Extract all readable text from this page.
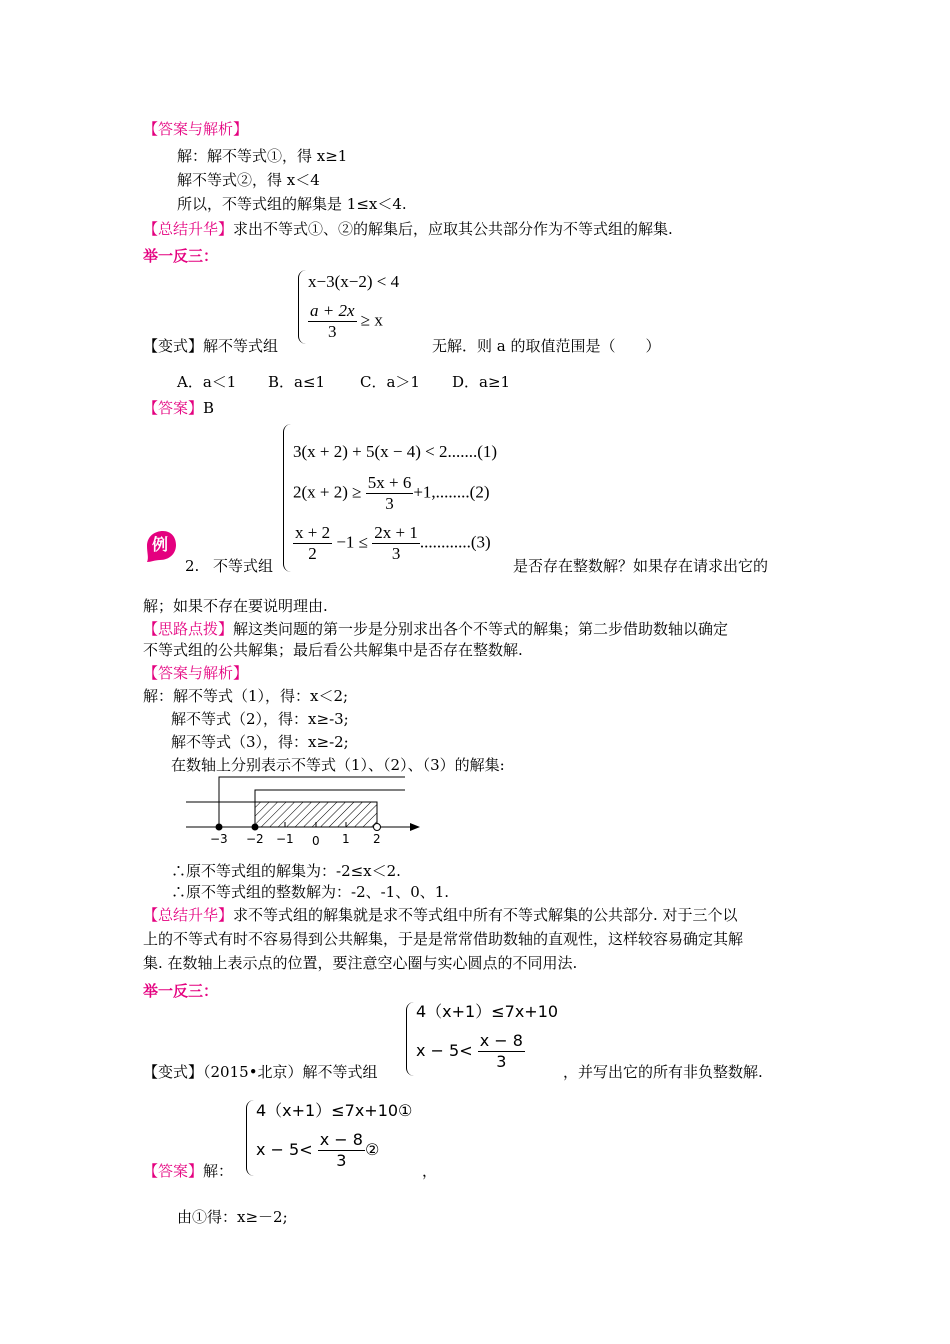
【答案与解析】
解：解不等式①，得 x≥1
解不等式②，得 x＜4
所以，不等式组的解集是 1≤x＜4.
【总结升华】求出不等式①、②的解集后，应取其公共部分作为不等式组的解集.
举一反三：
x−3(x−2) < 4
$\frac{a + 2x}{3} \ge x$
【变式】解不等式组	无解．则 a 的取值范围是（　　）
A．a＜1 B．a≤1 C．a＞1 D．a≥1
【答案】B
3(x + 2) + 5(x − 4) < 2.......(1)
$2(x + 2) \ge \frac{5x + 6}{3} +1,........(2)$
$\frac{x + 2}{2} -1 \le \frac{2x + 1}{3} ............(3)$
例
2. 不等式组	是否存在整数解？如果存在请求出它的
解；如果不存在要说明理由.
【思路点拨】解这类问题的第一步是分别求出各个不等式的解集；第二步借助数轴以确定
不等式组的公共解集；最后看公共解集中是否存在整数解.
【答案与解析】
解：解不等式（1），得：x＜2;
解不等式（2），得：x≥-3;
解不等式（3），得：x≥-2;
在数轴上分别表示不等式（1）、（2）、（3）的解集:
−3 −2 −1 0 1 2
∴原不等式组的解集为：-2≤x＜2.
∴原不等式组的整数解为：-2、-1、0、1.
【总结升华】求不等式组的解集就是求不等式组中所有不等式解集的公共部分. 对于三个以
上的不等式有时不容易得到公共解集，于是是常常借助数轴的直观性，这样较容易确定其解
集. 在数轴上表示点的位置，要注意空心圈与实心圆点的不同用法.
举一反三：
4（x+1）≤7x+10
$x - 5< \frac{x - 8}{3}$
【变式】（2015•北京）解不等式组	，并写出它的所有非负整数解.
4（x+1）≤7x+10①
$x - 5< \frac{x - 8}{3}$ ②
【答案】解：	，
由①得：x≥－2;
